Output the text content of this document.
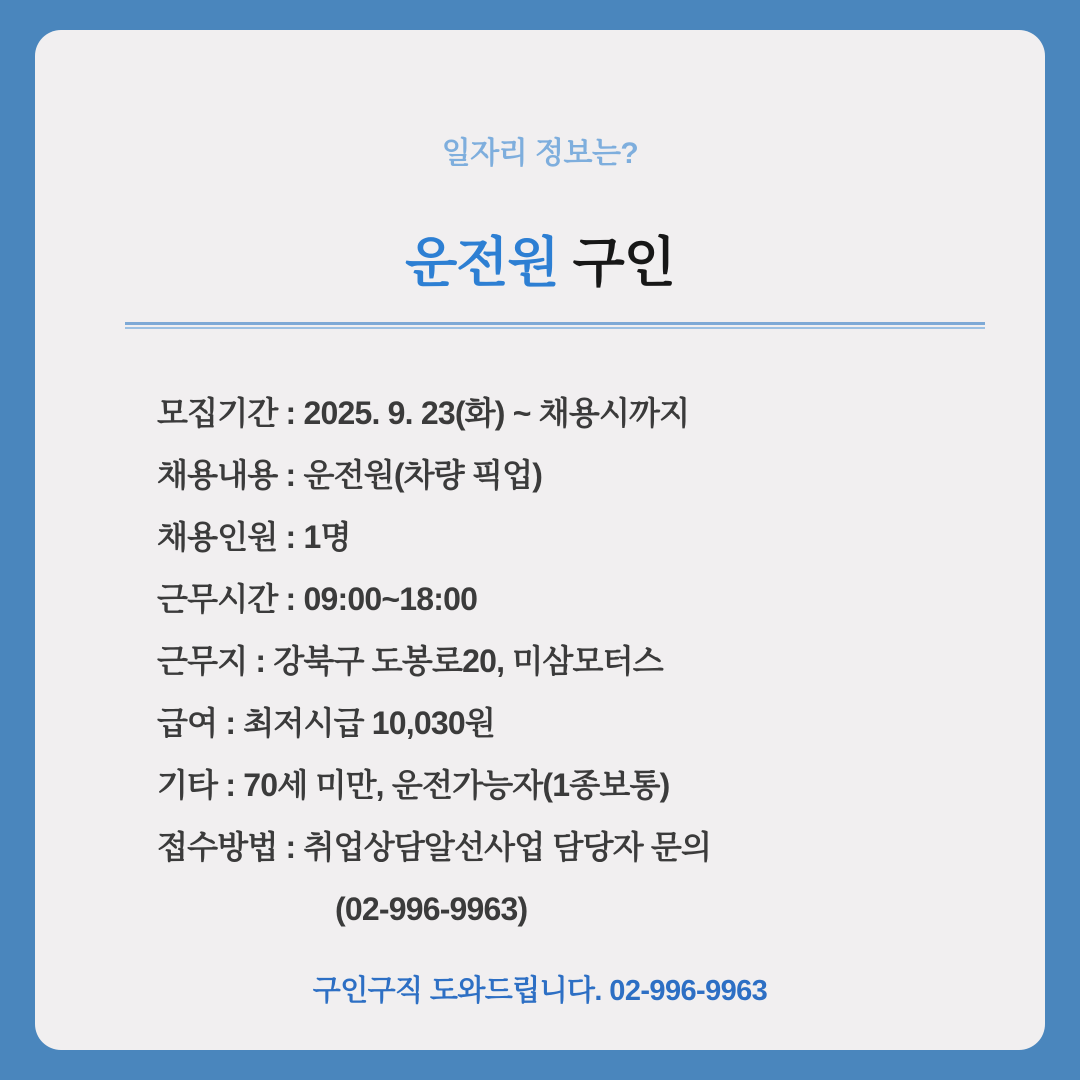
일자리 정보는?
운전원 구인
모집기간 : 2025. 9. 23(화) ~ 채용시까지
채용내용 : 운전원(차량 픽업)
채용인원 : 1명
근무시간 : 09:00~18:00
근무지 : 강북구 도봉로20, 미삼모터스
급여 : 최저시급 10,030원
기타 : 70세 미만, 운전가능자(1종보통)
접수방법 : 취업상담알선사업 담당자 문의
(02-996-9963)
구인구직 도와드립니다. 02-996-9963
